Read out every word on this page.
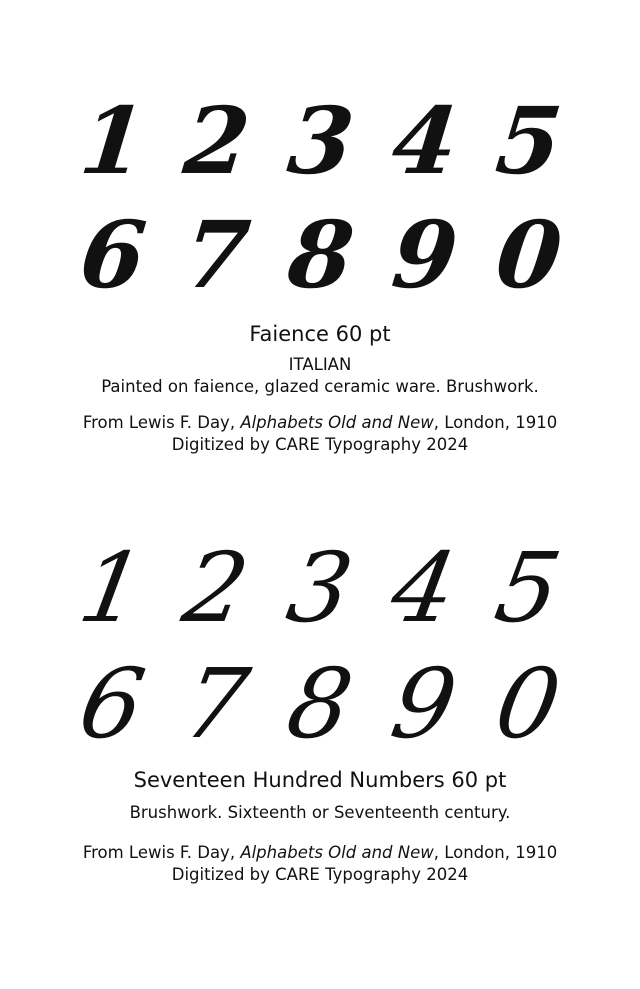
1 2 3 4 5
6 7 8 9 0
Faience 60 pt
ITALIAN
Painted on faience, glazed ceramic ware. Brushwork.
From Lewis F. Day, Alphabets Old and New, London, 1910
Digitized by CARE Typography 2024
1 2 3 4 5
6 7 8 9 0
Seventeen Hundred Numbers 60 pt
Brushwork. Sixteenth or Seventeenth century.
From Lewis F. Day, Alphabets Old and New, London, 1910
Digitized by CARE Typography 2024
